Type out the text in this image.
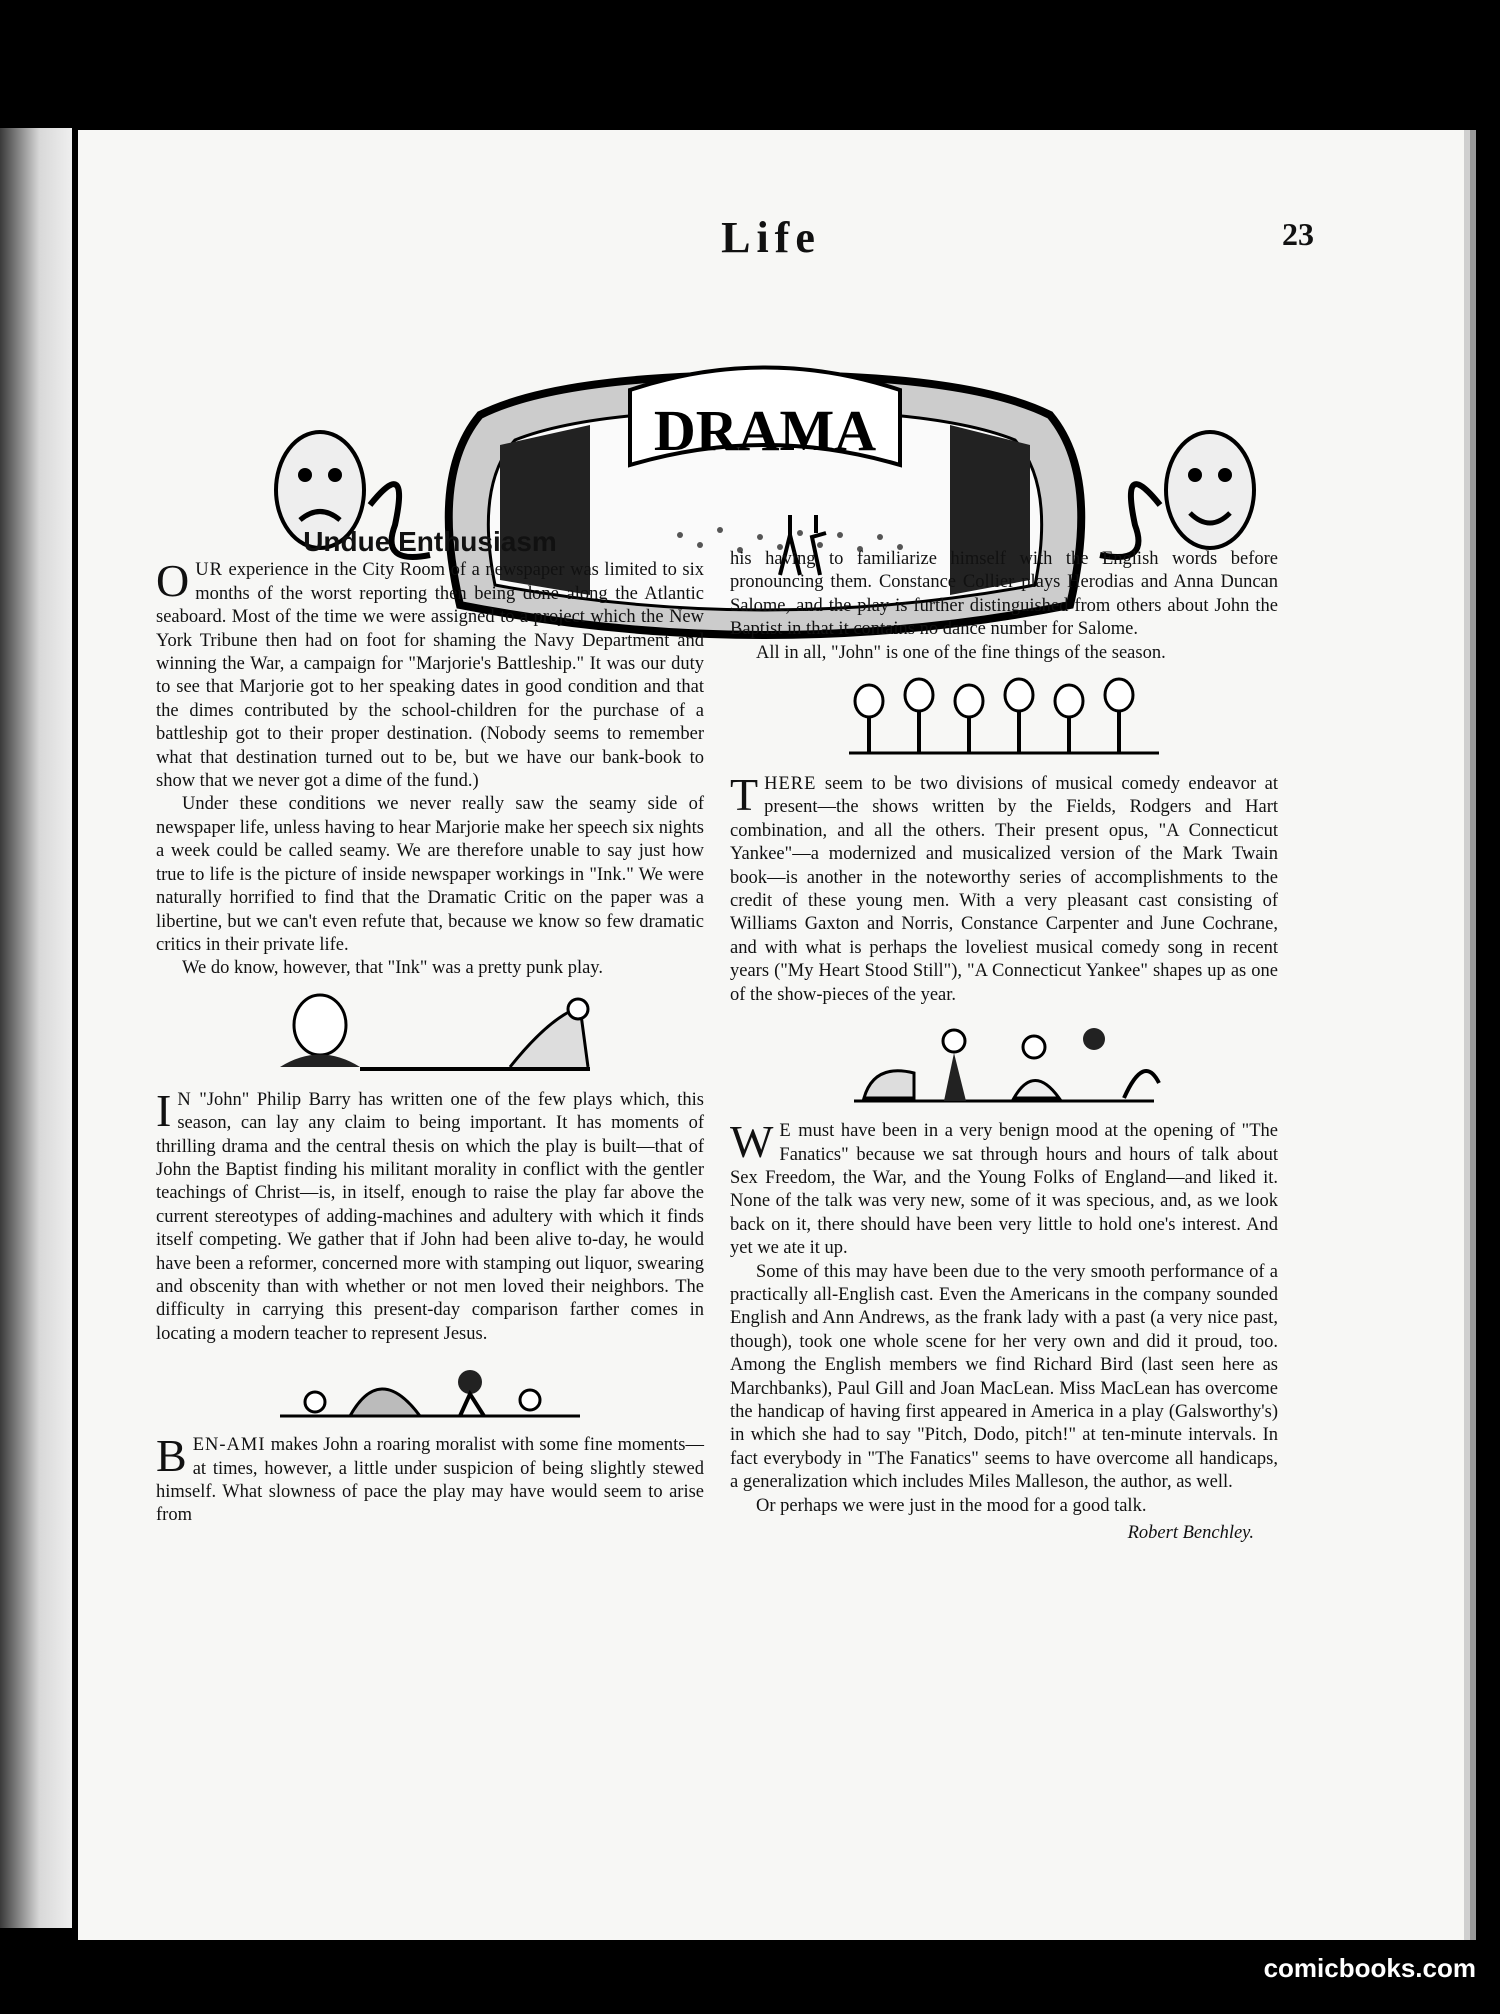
Life	23
DRAMA
Undue Enthusiasm

OUR experience in the City Room of a newspaper was limited to six months of the worst reporting then being done along the Atlantic seaboard. Most of the time we were assigned to a project which the New York Tribune then had on foot for shaming the Navy Department and winning the War, a campaign for "Marjorie's Battleship." It was our duty to see that Marjorie got to her speaking dates in good condition and that the dimes contributed by the school-children for the purchase of a battleship got to their proper destination. (Nobody seems to remember what that destination turned out to be, but we have our bank-book to show that we never got a dime of the fund.)

Under these conditions we never really saw the seamy side of newspaper life, unless having to hear Marjorie make her speech six nights a week could be called seamy. We are therefore unable to say just how true to life is the picture of inside newspaper workings in "Ink." We were naturally horrified to find that the Dramatic Critic on the paper was a libertine, but we can't even refute that, because we know so few dramatic critics in their private life.

We do know, however, that "Ink" was a pretty punk play.

I N "John" Philip Barry has written one of the few plays which, this season, can lay any claim to being important. It has moments of thrilling drama and the central thesis on which the play is built—that of John the Baptist finding his militant morality in conflict with the gentler teachings of Christ—is, in itself, enough to raise the play far above the current stereotypes of adding-machines and adultery with which it finds itself competing. We gather that if John had been alive to-day, he would have been a reformer, concerned more with stamping out liquor, swearing and obscenity than with whether or not men loved their neighbors. The difficulty in carrying this present-day comparison farther comes in locating a modern teacher to represent Jesus.

BEN-AMI makes John a roaring moralist with some fine moments—at times, however, a little under suspicion of being slightly stewed himself. What slowness of pace the play may have would seem to arise from

his having to familiarize himself with the English words before pronouncing them. Constance Collier plays Herodias and Anna Duncan Salome, and the play is further distinguished from others about John the Baptist in that it contains no dance number for Salome.

All in all, "John" is one of the fine things of the season.

THERE seem to be two divisions of musical comedy endeavor at present—the shows written by the Fields, Rodgers and Hart combination, and all the others. Their present opus, "A Connecticut Yankee"—a modernized and musicalized version of the Mark Twain book—is another in the noteworthy series of accomplishments to the credit of these young men. With a very pleasant cast consisting of Williams Gaxton and Norris, Constance Carpenter and June Cochrane, and with what is perhaps the loveliest musical comedy song in recent years ("My Heart Stood Still"), "A Connecticut Yankee" shapes up as one of the show-pieces of the year.

W E must have been in a very benign mood at the opening of "The Fanatics" because we sat through hours and hours of talk about Sex Freedom, the War, and the Young Folks of England—and liked it. None of the talk was very new, some of it was specious, and, as we look back on it, there should have been very little to hold one's interest. And yet we ate it up.

Some of this may have been due to the very smooth performance of a practically all-English cast. Even the Americans in the company sounded English and Ann Andrews, as the frank lady with a past (a very nice past, though), took one whole scene for her very own and did it proud, too. Among the English members we find Richard Bird (last seen here as Marchbanks), Paul Gill and Joan MacLean. Miss MacLean has overcome the handicap of having first appeared in America in a play (Galsworthy's) in which she had to say "Pitch, Dodo, pitch!" at ten-minute intervals. In fact everybody in "The Fanatics" seems to have overcome all handicaps, a generalization which includes Miles Malleson, the author, as well.

Or perhaps we were just in the mood for a good talk.

Robert Benchley.
comicbooks.com
